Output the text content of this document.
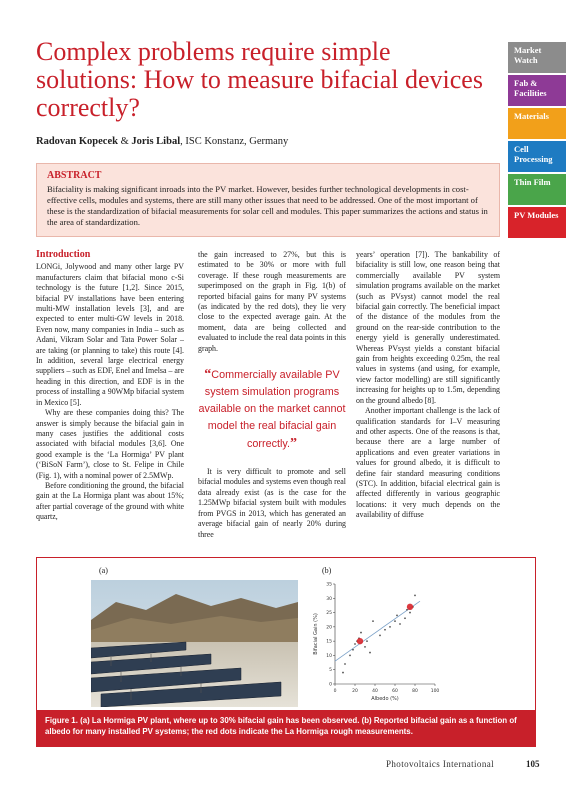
Complex problems require simple solutions: How to measure bifacial devices correctly?
Radovan Kopecek & Joris Libal, ISC Konstanz, Germany
Market Watch
Fab & Facilities
Materials
Cell Processing
Thin Film
PV Modules
ABSTRACT

Bifaciality is making significant inroads into the PV market. However, besides further technological developments in cost-effective cells, modules and systems, there are still many other issues that need to be addressed. One of the most important of these is the standardization of bifacial measurements for solar cell and modules. This paper summarizes the actions and status in the area of standardization.

Introduction

LONGi, Jolywood and many other large PV manufacturers claim that bifacial mono c-Si technology is the future [1,2]. Since 2015, bifacial PV installations have been entering multi-MW installation levels [3], and are expected to enter multi-GW levels in 2018. Even now, many companies in India – such as Adani, Vikram Solar and Tata Power Solar – are taking (or planning to take) this route [4]. In addition, several large electrical energy suppliers – such as EDF, Enel and Imelsa – are heading in this direction, and EDF is in the process of installing a 90WMp bifacial system in Mexico [5].

Why are these companies doing this? The answer is simply because the bifacial gain in many cases justifies the additional costs associated with bifacial modules [3,6]. One good example is the ‘La Hormiga’ PV plant (‘BiSoN Farm’), close to St. Felipe in Chile (Fig. 1), with a nominal power of 2.5MWp.

Before conditioning the ground, the bifacial gain at the La Hormiga plant was about 15%; after partial coverage of the ground with white quartz,

the gain increased to 27%, but this is estimated to be 30% or more with full coverage. If these rough measurements are superimposed on the graph in Fig. 1(b) of reported bifacial gains for many PV systems (as indicated by the red dots), they lie very close to the expected average gain. At the moment, data are being collected and evaluated to include the real data points in this graph.

“Commercially available PV system simulation programs available on the market cannot model the real bifacial gain correctly.”

It is very difficult to promote and sell bifacial modules and systems even though real data already exist (as is the case for the 1.25MWp bifacial system built with modules from PVGS in 2013, which has generated an average bifacial gain of nearly 20% during three

years’ operation [7]). The bankability of bifaciality is still low, one reason being that commercially available PV system simulation programs available on the market (such as PVsyst) cannot model the real bifacial gain correctly. The beneficial impact of the distance of the modules from the ground on the rear-side contribution to the energy yield is generally underestimated. Whereas PVsyst yields a constant bifacial gain from heights exceeding 0.25m, the real values in systems (and using, for example, view factor modelling) are still significantly increasing for heights up to 1.5m, depending on the ground albedo [8].

Another important challenge is the lack of qualification standards for I–V measuring and other aspects. One of the reasons is that, because there are a large number of applications and even greater variations in values for ground albedo, it is difficult to define fair standard measuring conditions (STC). In addition, bifacial electrical gain is affected differently in various geographic locations: it very much depends on the availability of diffuse

(a)	(b)
0	20	40	60	80	100
0
5
10
15
20
25
30
35
Albedo (%)
Bifacial Gain (%)
Figure 1. (a) La Hormiga PV plant, where up to 30% bifacial gain has been observed. (b) Reported bifacial gain as a function of albedo for many installed PV systems; the red dots indicate the La Hormiga rough measurements.
Photovoltaics International	105
